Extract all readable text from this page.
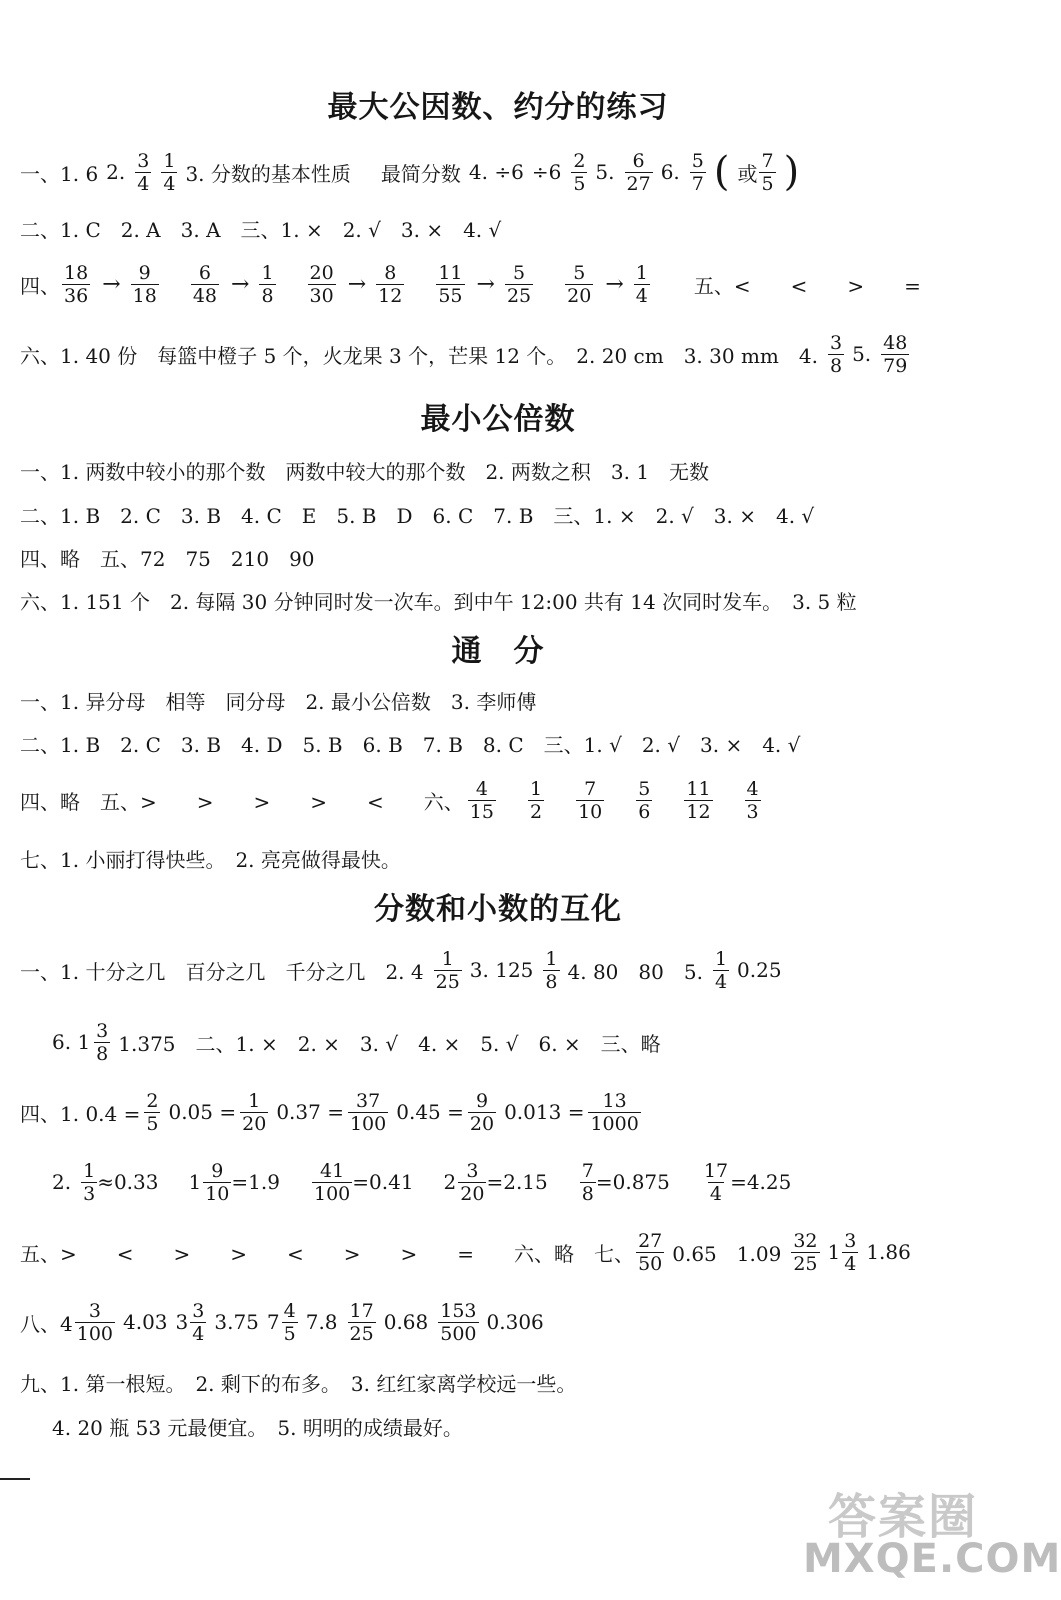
最大公因数、约分的练习
一、1. 6 2. $\frac{3}{4} \frac{1}{4} 3$. 分数的基本性质 最简分数 4. $\div 6 \div 6 \frac{2}{5} 5$. $\frac{6}{27} 6$. $\frac{5}{7}$ ( 或 $\frac{7}{5}$ )
二、1. C　2. A　3. A　三、1. ×　2. √　3. ×　4. √
四、 $\frac{18}{36} \to \frac{9}{18} \frac{6}{48} \to \frac{1}{8} \frac{20}{30} \to \frac{8}{12} \frac{11}{55} \to \frac{5}{25} \frac{5}{20} \to \frac{1}{4}$ 五、<　　<　　>　　=
六、1. 40 份　每篮中橙子 5 个，火龙果 3 个，芒果 12 个。　2. 20 cm　3. 30 mm　4. $\frac{3}{8} 5$. $\frac{48}{79}$
最小公倍数
一、1. 两数中较小的那个数　两数中较大的那个数　2. 两数之积　3. 1　无数
二、1. B　2. C　3. B　4. C　E　5. B　D　6. C　7. B　三、1. ×　2. √　3. ×　4. √
四、略　五、72　75　210　90
六、1. 151 个　2. 每隔 30 分钟同时发一次车。到中午 12:00 共有 14 次同时发车。　3. 5 粒
通　分
一、1. 异分母　相等　同分母　2. 最小公倍数　3. 李师傅
二、1. B　2. C　3. B　4. D　5. B　6. B　7. B　8. C　三、1. √　2. √　3. ×　4. √
四、略　五、>　　>　　>　　>　　<　　六、 $\frac{4}{15} \frac{1}{2} \frac{7}{10} \frac{5}{6} \frac{11}{12} \frac{4}{3}$
七、1. 小丽打得快些。　2. 亮亮做得最快。
分数和小数的互化
一、1. 十分之几　百分之几　千分之几　2. $4 \frac{1}{25} 3$. $125 \frac{1}{8} 4$. 80　80　5. $\frac{1}{4} 0.25$
6. $1 \frac{3}{8} 1.375$　二、1. ×　2. ×　3. √　4. ×　5. √　6. ×　三、略
四、1. $0.4 = \frac{2}{5} 0.05 = \frac{1}{20} 0.37 = \frac{37}{100} 0.45 = \frac{9}{20} 0.013 = \frac{13}{1000}$
2. $\frac{1}{3} \approx 0.33$ $1 \frac{9}{10} =1.9 \frac{41}{100} =0.41$ $2 \frac{3}{20} =2.15 \frac{7}{8} =0.875 \frac{17}{4} =4.25$
五、>　　<　　>　　>　　<　　>　　>　　=　　六、略　七、 $\frac{27}{50} 0.65$　$1.09 \frac{32}{25} 1 \frac{3}{4} 1.86$
八、$4 \frac{3}{100} 4.03$ $3 \frac{3}{4} 3.75$ $7 \frac{4}{5} 7.8 \frac{17}{25} 0.68 \frac{153}{500} 0.306$
九、1. 第一根短。　2. 剩下的布多。　3. 红红家离学校远一些。
4. 20 瓶 53 元最便宜。　5. 明明的成绩最好。
答案圈
MXQE.COM
